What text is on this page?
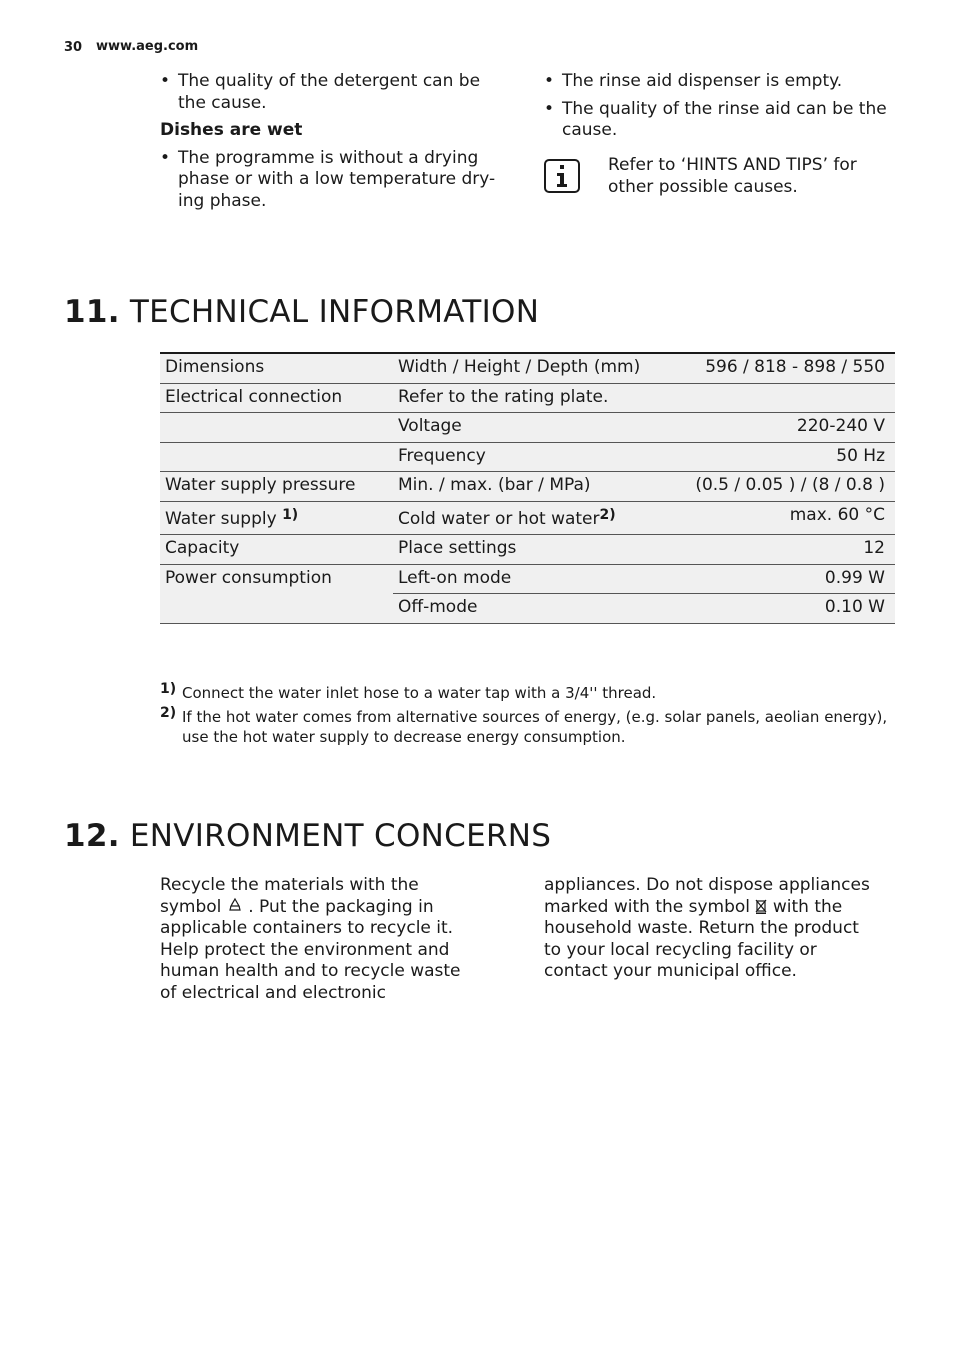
30 www.aeg.com
• The quality of the detergent can be the cause.
Dishes are wet
• The programme is without a drying phase or with a low temperature dry-ing phase.
• The rinse aid dispenser is empty.
• The quality of the rinse aid can be the cause.
Refer to ‘HINTS AND TIPS’ for other possible causes.
11. TECHNICAL INFORMATION
Dimensions	Width / Height / Depth (mm)	596 / 818 - 898 / 550
Electrical connection	Refer to the rating plate.	
	Voltage	220-240 V
	Frequency	50 Hz
Water supply pressure	Min. / max. (bar / MPa)	(0.5 / 0.05 ) / (8 / 0.8 )
Water supply $^{1)}$	Cold water or hot water$^{2)}$	max. 60 °C
Capacity	Place settings	12
Power consumption	Left-on mode	0.99 W
	Off-mode	0.10 W
1) Connect the water inlet hose to a water tap with a 3/4'' thread.
2) If the hot water comes from alternative sources of energy, (e.g. solar panels, aeolian energy), use the hot water supply to decrease energy consumption.
12. ENVIRONMENT CONCERNS
Recycle the materials with the symbol . Put the packaging in applicable containers to recycle it. Help protect the environment and human health and to recycle waste of electrical and electronic
appliances. Do not dispose appliances marked with the symbol with the household waste. Return the product to your local recycling facility or contact your municipal office.
